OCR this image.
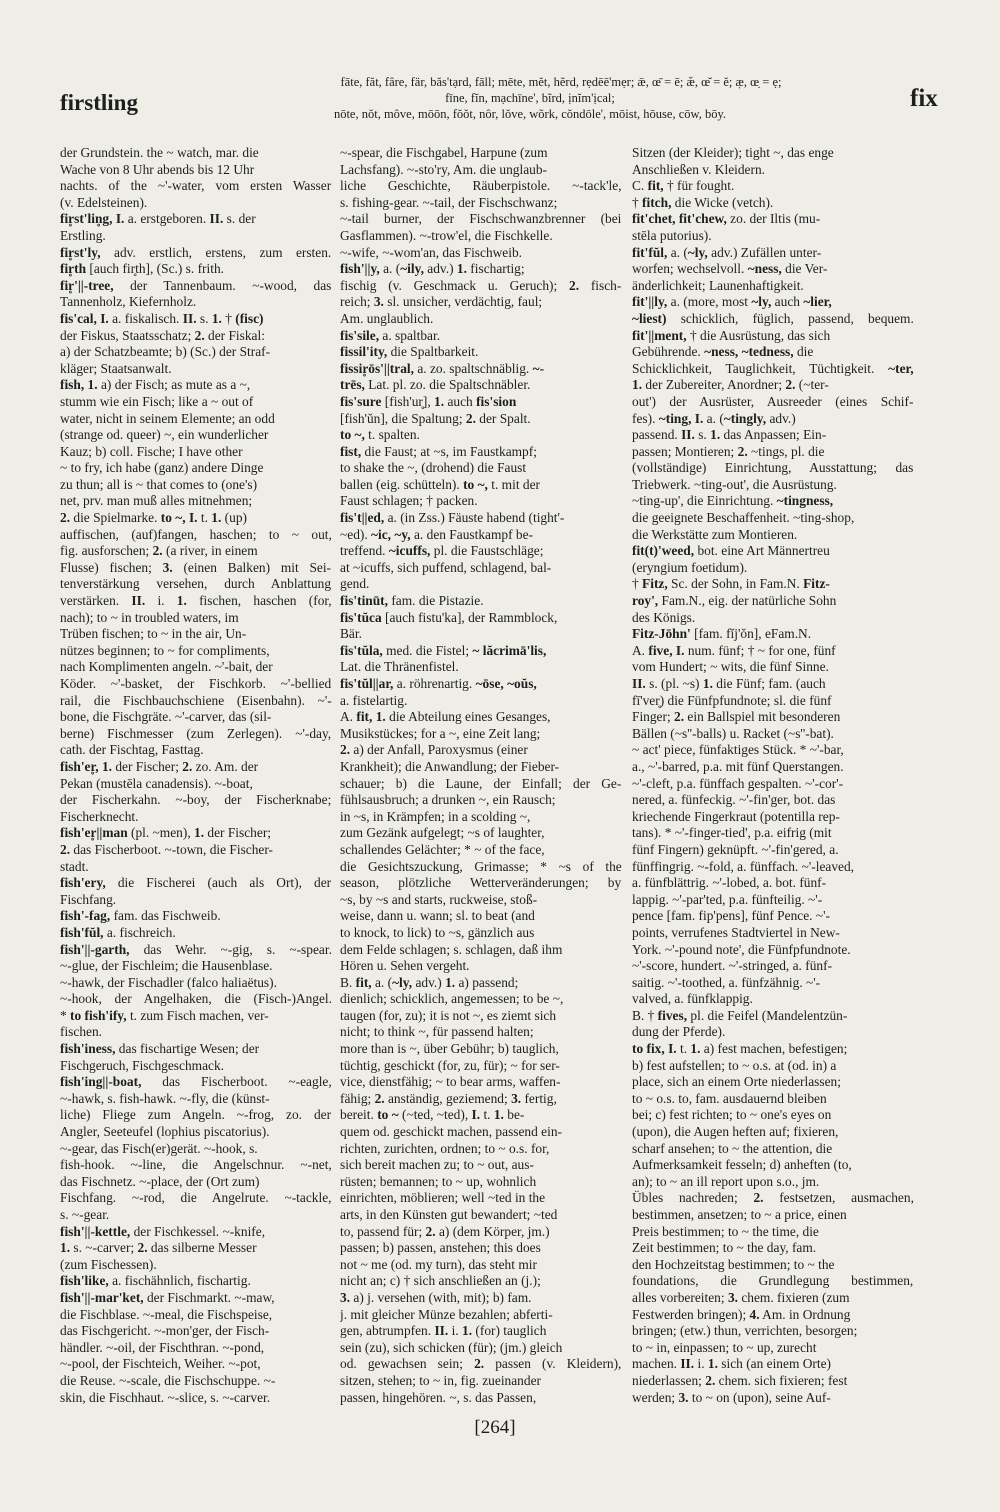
firstling
fāte, făt, fâre, fär, băs'tạrd, fāll; mēte, mĕt, hẽrd, rẹdēē'mẹr; ǣ, œ̄ = ē; æ̆, œ̆ = ĕ; æ̣, œ̣ = ẹ;
fīne, fĭn, mạchīne', bĩrd, ịnĭm'ịcal;
nōte, nŏt, môve, mōōn, fŏŏt, nôr, lŏve, wõrk, cŏndōle', mōist, hōuse, cōw, bōy.
fix
der Grundstein. the ~ watch, mar. die
Wache von 8 Uhr abends bis 12 Uhr
nachts. of the ~'-water, vom ersten Wasser
(v. Edelsteinen).
fir̥st'lin̥g, I. a. erstgeboren. II. s. der
Erstling.
fir̥st'ly, adv. erstlich, erstens, zum ersten.
fir̥th [auch fir̥th], (Sc.) s. frith.
fir̥'||-tree, der Tannenbaum. ~-wood, das
Tannenholz, Kiefernholz.
fis'cal, I. a. fiskalisch. II. s. 1. † (fisc)
der Fiskus, Staatsschatz; 2. der Fiskal:
a) der Schatzbeamte; b) (Sc.) der Straf-
kläger; Staatsanwalt.
fish, 1. a) der Fisch; as mute as a ~,
stumm wie ein Fisch; like a ~ out of
water, nicht in seinem Elemente; an odd
(strange od. queer) ~, ein wunderlicher
Kauz; b) coll. Fische; I have other
~ to fry, ich habe (ganz) andere Dinge
zu thun; all is ~ that comes to (one's)
net, prv. man muß alles mitnehmen;
2. die Spielmarke. to ~, I. t. 1. (up)
auffischen, (auf)fangen, haschen; to ~ out,
fig. ausforschen; 2. (a river, in einem
Flusse) fischen; 3. (einen Balken) mit Sei-
tenverstärkung versehen, durch Anblattung
verstärken. II. i. 1. fischen, haschen (for,
nach); to ~ in troubled waters, im
Trüben fischen; to ~ in the air, Un-
nützes beginnen; to ~ for compliments,
nach Komplimenten angeln. ~'-bait, der
Köder. ~'-basket, der Fischkorb. ~'-bellied
rail, die Fischbauchschiene (Eisenbahn). ~'-
bone, die Fischgräte. ~'-carver, das (sil-
berne) Fischmesser (zum Zerlegen). ~'-day,
cath. der Fischtag, Fasttag.
fish'er̥, 1. der Fischer; 2. zo. Am. der
Pekan (mustēla canadensis). ~-boat,
der Fischerkahn. ~-boy, der Fischerknabe;
Fischerknecht.
fish'er̥||man (pl. ~men), 1. der Fischer;
2. das Fischerboot. ~-town, die Fischer-
stadt.
fish'ery, die Fischerei (auch als Ort), der
Fischfang.
fish'-fag, fam. das Fischweib.
fish'fŭl, a. fischreich.
fish'||-garth, das Wehr. ~-gig, s. ~-spear.
~-glue, der Fischleim; die Hausenblase.
~-hawk, der Fischadler (falco haliaëtus).
~-hook, der Angelhaken, die (Fisch-)Angel.
* to fish'ify, t. zum Fisch machen, ver-
fischen.
fish'iness, das fischartige Wesen; der
Fischgeruch, Fischgeschmack.
fish'ing||-boat, das Fischerboot. ~-eagle,
~-hawk, s. fish-hawk. ~-fly, die (künst-
liche) Fliege zum Angeln. ~-frog, zo. der
Angler, Seeteufel (lophius piscatorius).
~-gear, das Fisch(er)gerät. ~-hook, s.
fish-hook. ~-line, die Angelschnur. ~-net,
das Fischnetz. ~-place, der (Ort zum)
Fischfang. ~-rod, die Angelrute. ~-tackle,
s. ~-gear.
fish'||-kettle, der Fischkessel. ~-knife,
1. s. ~-carver; 2. das silberne Messer
(zum Fischessen).
fish'like, a. fischähnlich, fischartig.
fish'||-mar'ket, der Fischmarkt. ~-maw,
die Fischblase. ~-meal, die Fischspeise,
das Fischgericht. ~-mon'ger, der Fisch-
händler. ~-oil, der Fischthran. ~-pond,
~-pool, der Fischteich, Weiher. ~-pot,
die Reuse. ~-scale, die Fischschuppe. ~-
skin, die Fischhaut. ~-slice, s. ~-carver.
~-spear, die Fischgabel, Harpune (zum
Lachsfang). ~-sto'ry, Am. die unglaub-
liche Geschichte, Räuberpistole. ~-tack'le,
s. fishing-gear. ~-tail, der Fischschwanz;
~-tail burner, der Fischschwanzbrenner (bei
Gasflammen). ~-trow'el, die Fischkelle.
~-wife, ~-wom'an, das Fischweib.
fish'||y, a. (~ily, adv.) 1. fischartig;
fischig (v. Geschmack u. Geruch); 2. fisch-
reich; 3. sl. unsicher, verdächtig, faul;
Am. unglaublich.
fis'sile, a. spaltbar.
fissil'ity, die Spaltbarkeit.
fissir̥ōs'||tral, a. zo. spaltschnäblig. ~-
trēs, Lat. pl. zo. die Spaltschnäbler.
fis'sure [fish'ur̥], 1. auch fis'sion
[fish'ŭn], die Spaltung; 2. der Spalt.
to ~, t. spalten.
fist, die Faust; at ~s, im Faustkampf;
to shake the ~, (drohend) die Faust
ballen (eig. schütteln). to ~, t. mit der
Faust schlagen; † packen.
fis't||ed, a. (in Zss.) Fäuste habend (tight'-
~ed). ~ic, ~y, a. den Faustkampf be-
treffend. ~icuffs, pl. die Faustschläge;
at ~icuffs, sich puffend, schlagend, bal-
gend.
fis'tinūt, fam. die Pistazie.
fis'tŭca [auch fistu'ka], der Rammblock,
Bär.
fis'tŭla, med. die Fistel; ~ lăcrimā'lis,
Lat. die Thränenfistel.
fis'tŭl||ar, a. röhrenartig. ~ōse, ~oŭs,
a. fistelartig.
A. fit, 1. die Abteilung eines Gesanges,
Musikstückes; for a ~, eine Zeit lang;
2. a) der Anfall, Paroxysmus (einer
Krankheit); die Anwandlung; der Fieber-
schauer; b) die Laune, der Einfall; der Ge-
fühlsausbruch; a drunken ~, ein Rausch;
in ~s, in Krämpfen; in a scolding ~,
zum Gezänk aufgelegt; ~s of laughter,
schallendes Gelächter; * ~ of the face,
die Gesichtszuckung, Grimasse; * ~s of the
season, plötzliche Wetterveränderungen; by
~s, by ~s and starts, ruckweise, stoß-
weise, dann u. wann; sl. to beat (and
to knock, to lick) to ~s, gänzlich aus
dem Felde schlagen; s. schlagen, daß ihm
Hören u. Sehen vergeht.
B. fit, a. (~ly, adv.) 1. a) passend;
dienlich; schicklich, angemessen; to be ~,
taugen (for, zu); it is not ~, es ziemt sich
nicht; to think ~, für passend halten;
more than is ~, über Gebühr; b) tauglich,
tüchtig, geschickt (for, zu, für); ~ for ser-
vice, dienstfähig; ~ to bear arms, waffen-
fähig; 2. anständig, geziemend; 3. fertig,
bereit. to ~ (~ted, ~ted), I. t. 1. be-
quem od. geschickt machen, passend ein-
richten, zurichten, ordnen; to ~ o.s. for,
sich bereit machen zu; to ~ out, aus-
rüsten; bemannen; to ~ up, wohnlich
einrichten, möblieren; well ~ted in the
arts, in den Künsten gut bewandert; ~ted
to, passend für; 2. a) (dem Körper, jm.)
passen; b) passen, anstehen; this does
not ~ me (od. my turn), das steht mir
nicht an; c) † sich anschließen an (j.);
3. a) j. versehen (with, mit); b) fam.
j. mit gleicher Münze bezahlen; abferti-
gen, abtrumpfen. II. i. 1. (for) tauglich
sein (zu), sich schicken (für); (jm.) gleich
od. gewachsen sein; 2. passen (v. Kleidern),
sitzen, stehen; to ~ in, fig. zueinander
passen, hingehören. ~, s. das Passen,
Sitzen (der Kleider); tight ~, das enge
Anschließen v. Kleidern.
C. fit, † für fought.
† fitch, die Wicke (vetch).
fit'chet, fit'chew, zo. der Iltis (mu-
stēla putorius).
fit'fŭl, a. (~ly, adv.) Zufällen unter-
worfen; wechselvoll. ~ness, die Ver-
änderlichkeit; Launenhaftigkeit.
fit'||ly, a. (more, most ~ly, auch ~lier,
~liest) schicklich, füglich, passend, bequem.
fit'||ment, † die Ausrüstung, das sich
Gebührende. ~ness, ~tedness, die
Schicklichkeit, Tauglichkeit, Tüchtigkeit. ~ter,
1. der Zubereiter, Anordner; 2. (~ter-
out') der Ausrüster, Ausreeder (eines Schif-
fes). ~ting, I. a. (~tingly, adv.)
passend. II. s. 1. das Anpassen; Ein-
passen; Montieren; 2. ~tings, pl. die
(vollständige) Einrichtung, Ausstattung; das
Triebwerk. ~ting-out', die Ausrüstung.
~ting-up', die Einrichtung. ~tingness,
die geeignete Beschaffenheit. ~ting-shop,
die Werkstätte zum Montieren.
fit(t)'weed, bot. eine Art Männertreu
(eryngium foetidum).
† Fitz, Sc. der Sohn, in Fam.N. Fitz-
roy', Fam.N., eig. der natürliche Sohn
des Königs.
Fitz-Jōhn' [fam. fĭj'ŏn], eFam.N.
A. five, I. num. fünf; † ~ for one, fünf
vom Hundert; ~ wits, die fünf Sinne.
II. s. (pl. ~s) 1. die Fünf; fam. (auch
fī'ver̥) die Fünfpfundnote; sl. die fünf
Finger; 2. ein Ballspiel mit besonderen
Bällen (~s''-balls) u. Racket (~s''-bat).
~ act' piece, fünfaktiges Stück. * ~'-bar,
a., ~'-barred, p.a. mit fünf Querstangen.
~'-cleft, p.a. fünffach gespalten. ~'-cor'-
nered, a. fünfeckig. ~'-fin'ger, bot. das
kriechende Fingerkraut (potentilla rep-
tans). * ~'-finger-tied', p.a. eifrig (mit
fünf Fingern) geknüpft. ~'-fin'gered, a.
fünffingrig. ~-fold, a. fünffach. ~'-leaved,
a. fünfblättrig. ~'-lobed, a. bot. fünf-
lappig. ~'-par'ted, p.a. fünfteilig. ~'-
pence [fam. fip'pens], fünf Pence. ~'-
points, verrufenes Stadtviertel in New-
York. ~'-pound note', die Fünfpfundnote.
~'-score, hundert. ~'-stringed, a. fünf-
saitig. ~'-toothed, a. fünfzähnig. ~'-
valved, a. fünfklappig.
B. † fives, pl. die Feifel (Mandelentzün-
dung der Pferde).
to fix, I. t. 1. a) fest machen, befestigen;
b) fest aufstellen; to ~ o.s. at (od. in) a
place, sich an einem Orte niederlassen;
to ~ o.s. to, fam. ausdauernd bleiben
bei; c) fest richten; to ~ one's eyes on
(upon), die Augen heften auf; fixieren,
scharf ansehen; to ~ the attention, die
Aufmerksamkeit fesseln; d) anheften (to,
an); to ~ an ill report upon s.o., jm.
Übles nachreden; 2. festsetzen, ausmachen,
bestimmen, ansetzen; to ~ a price, einen
Preis bestimmen; to ~ the time, die
Zeit bestimmen; to ~ the day, fam.
den Hochzeitstag bestimmen; to ~ the
foundations, die Grundlegung bestimmen,
alles vorbereiten; 3. chem. fixieren (zum
Festwerden bringen); 4. Am. in Ordnung
bringen; (etw.) thun, verrichten, besorgen;
to ~ in, einpassen; to ~ up, zurecht
machen. II. i. 1. sich (an einem Orte)
niederlassen; 2. chem. sich fixieren; fest
werden; 3. to ~ on (upon), seine Auf-
[264]
